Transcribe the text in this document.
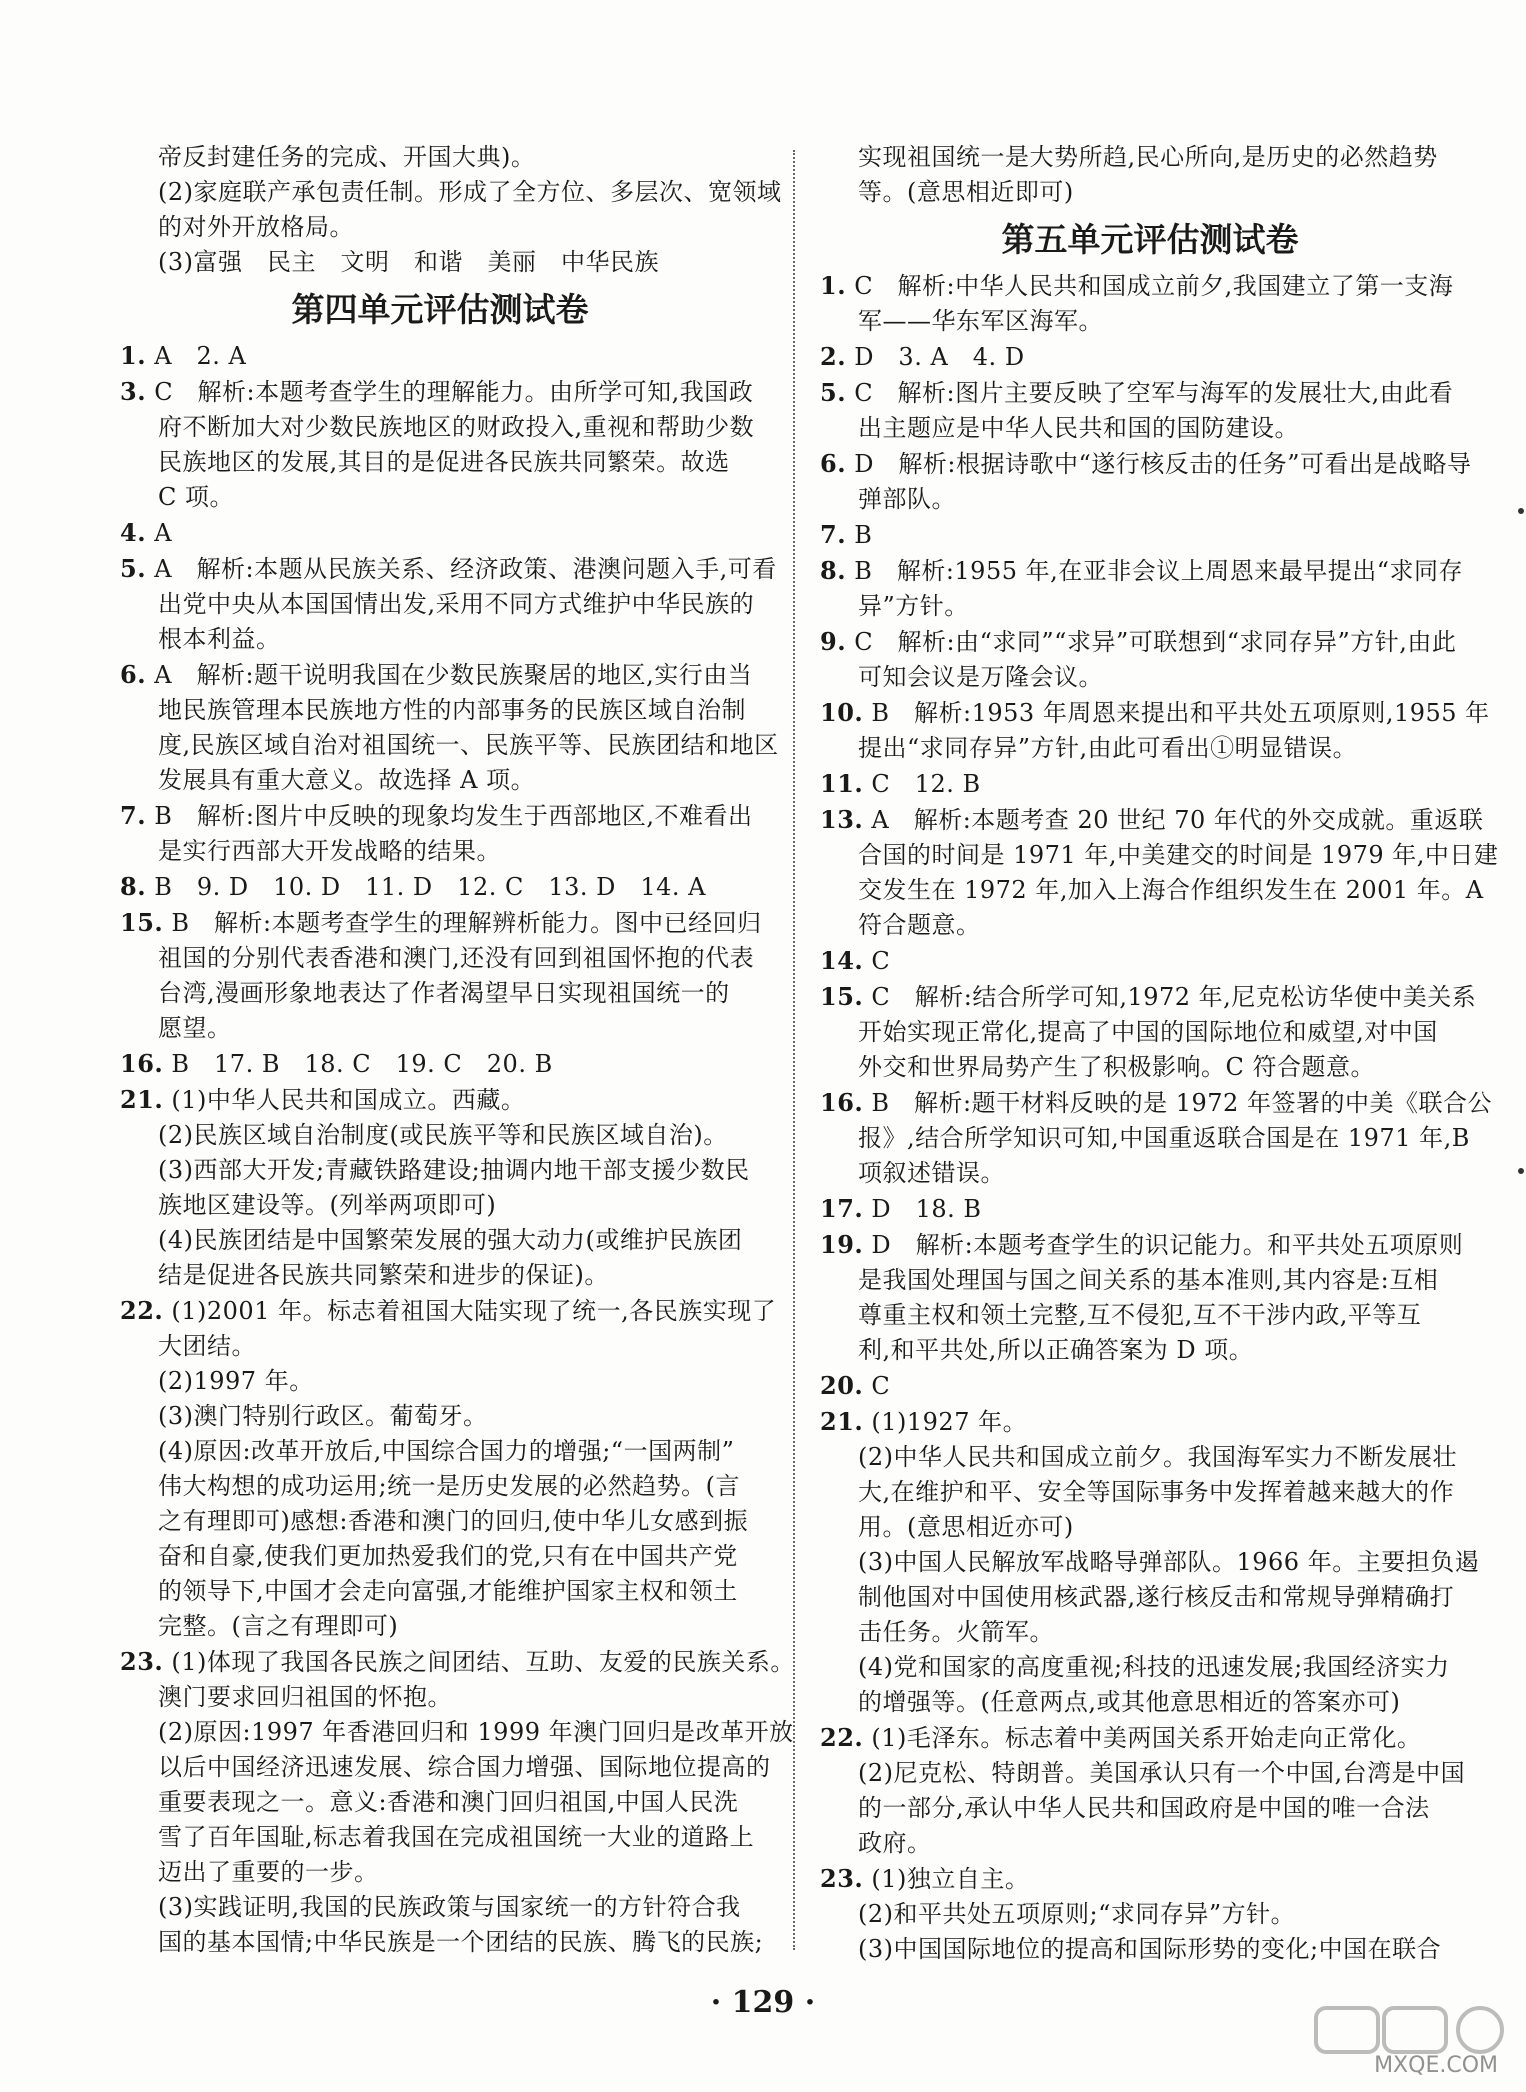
帝反封建任务的完成、开国大典)。
(2)家庭联产承包责任制。形成了全方位、多层次、宽领域
的对外开放格局。
(3)富强　民主　文明　和谐　美丽　中华民族
第四单元评估测试卷
1. A　2. A
3. C　解析:本题考查学生的理解能力。由所学可知,我国政
府不断加大对少数民族地区的财政投入,重视和帮助少数
民族地区的发展,其目的是促进各民族共同繁荣。故选
C 项。
4. A
5. A　解析:本题从民族关系、经济政策、港澳问题入手,可看
出党中央从本国国情出发,采用不同方式维护中华民族的
根本利益。
6. A　解析:题干说明我国在少数民族聚居的地区,实行由当
地民族管理本民族地方性的内部事务的民族区域自治制
度,民族区域自治对祖国统一、民族平等、民族团结和地区
发展具有重大意义。故选择 A 项。
7. B　解析:图片中反映的现象均发生于西部地区,不难看出
是实行西部大开发战略的结果。
8. B　9. D　10. D　11. D　12. C　13. D　14. A
15. B　解析:本题考查学生的理解辨析能力。图中已经回归
祖国的分别代表香港和澳门,还没有回到祖国怀抱的代表
台湾,漫画形象地表达了作者渴望早日实现祖国统一的
愿望。
16. B　17. B　18. C　19. C　20. B
21. (1)中华人民共和国成立。西藏。
(2)民族区域自治制度(或民族平等和民族区域自治)。
(3)西部大开发;青藏铁路建设;抽调内地干部支援少数民
族地区建设等。(列举两项即可)
(4)民族团结是中国繁荣发展的强大动力(或维护民族团
结是促进各民族共同繁荣和进步的保证)。
22. (1)2001 年。标志着祖国大陆实现了统一,各民族实现了
大团结。
(2)1997 年。
(3)澳门特别行政区。葡萄牙。
(4)原因:改革开放后,中国综合国力的增强;“一国两制”
伟大构想的成功运用;统一是历史发展的必然趋势。(言
之有理即可)感想:香港和澳门的回归,使中华儿女感到振
奋和自豪,使我们更加热爱我们的党,只有在中国共产党
的领导下,中国才会走向富强,才能维护国家主权和领土
完整。(言之有理即可)
23. (1)体现了我国各民族之间团结、互助、友爱的民族关系。
澳门要求回归祖国的怀抱。
(2)原因:1997 年香港回归和 1999 年澳门回归是改革开放
以后中国经济迅速发展、综合国力增强、国际地位提高的
重要表现之一。意义:香港和澳门回归祖国,中国人民洗
雪了百年国耻,标志着我国在完成祖国统一大业的道路上
迈出了重要的一步。
(3)实践证明,我国的民族政策与国家统一的方针符合我
国的基本国情;中华民族是一个团结的民族、腾飞的民族;
实现祖国统一是大势所趋,民心所向,是历史的必然趋势
等。(意思相近即可)
第五单元评估测试卷
1. C　解析:中华人民共和国成立前夕,我国建立了第一支海
军——华东军区海军。
2. D　3. A　4. D
5. C　解析:图片主要反映了空军与海军的发展壮大,由此看
出主题应是中华人民共和国的国防建设。
6. D　解析:根据诗歌中“遂行核反击的任务”可看出是战略导
弹部队。
7. B
8. B　解析:1955 年,在亚非会议上周恩来最早提出“求同存
异”方针。
9. C　解析:由“求同”“求异”可联想到“求同存异”方针,由此
可知会议是万隆会议。
10. B　解析:1953 年周恩来提出和平共处五项原则,1955 年
提出“求同存异”方针,由此可看出①明显错误。
11. C　12. B
13. A　解析:本题考查 20 世纪 70 年代的外交成就。重返联
合国的时间是 1971 年,中美建交的时间是 1979 年,中日建
交发生在 1972 年,加入上海合作组织发生在 2001 年。A
符合题意。
14. C
15. C　解析:结合所学可知,1972 年,尼克松访华使中美关系
开始实现正常化,提高了中国的国际地位和威望,对中国
外交和世界局势产生了积极影响。C 符合题意。
16. B　解析:题干材料反映的是 1972 年签署的中美《联合公
报》,结合所学知识可知,中国重返联合国是在 1971 年,B
项叙述错误。
17. D　18. B
19. D　解析:本题考查学生的识记能力。和平共处五项原则
是我国处理国与国之间关系的基本准则,其内容是:互相
尊重主权和领土完整,互不侵犯,互不干涉内政,平等互
利,和平共处,所以正确答案为 D 项。
20. C
21. (1)1927 年。
(2)中华人民共和国成立前夕。我国海军实力不断发展壮
大,在维护和平、安全等国际事务中发挥着越来越大的作
用。(意思相近亦可)
(3)中国人民解放军战略导弹部队。1966 年。主要担负遏
制他国对中国使用核武器,遂行核反击和常规导弹精确打
击任务。火箭军。
(4)党和国家的高度重视;科技的迅速发展;我国经济实力
的增强等。(任意两点,或其他意思相近的答案亦可)
22. (1)毛泽东。标志着中美两国关系开始走向正常化。
(2)尼克松、特朗普。美国承认只有一个中国,台湾是中国
的一部分,承认中华人民共和国政府是中国的唯一合法
政府。
23. (1)独立自主。
(2)和平共处五项原则;“求同存异”方针。
(3)中国国际地位的提高和国际形势的变化;中国在联合
· 129 ·
MXQE.COM
